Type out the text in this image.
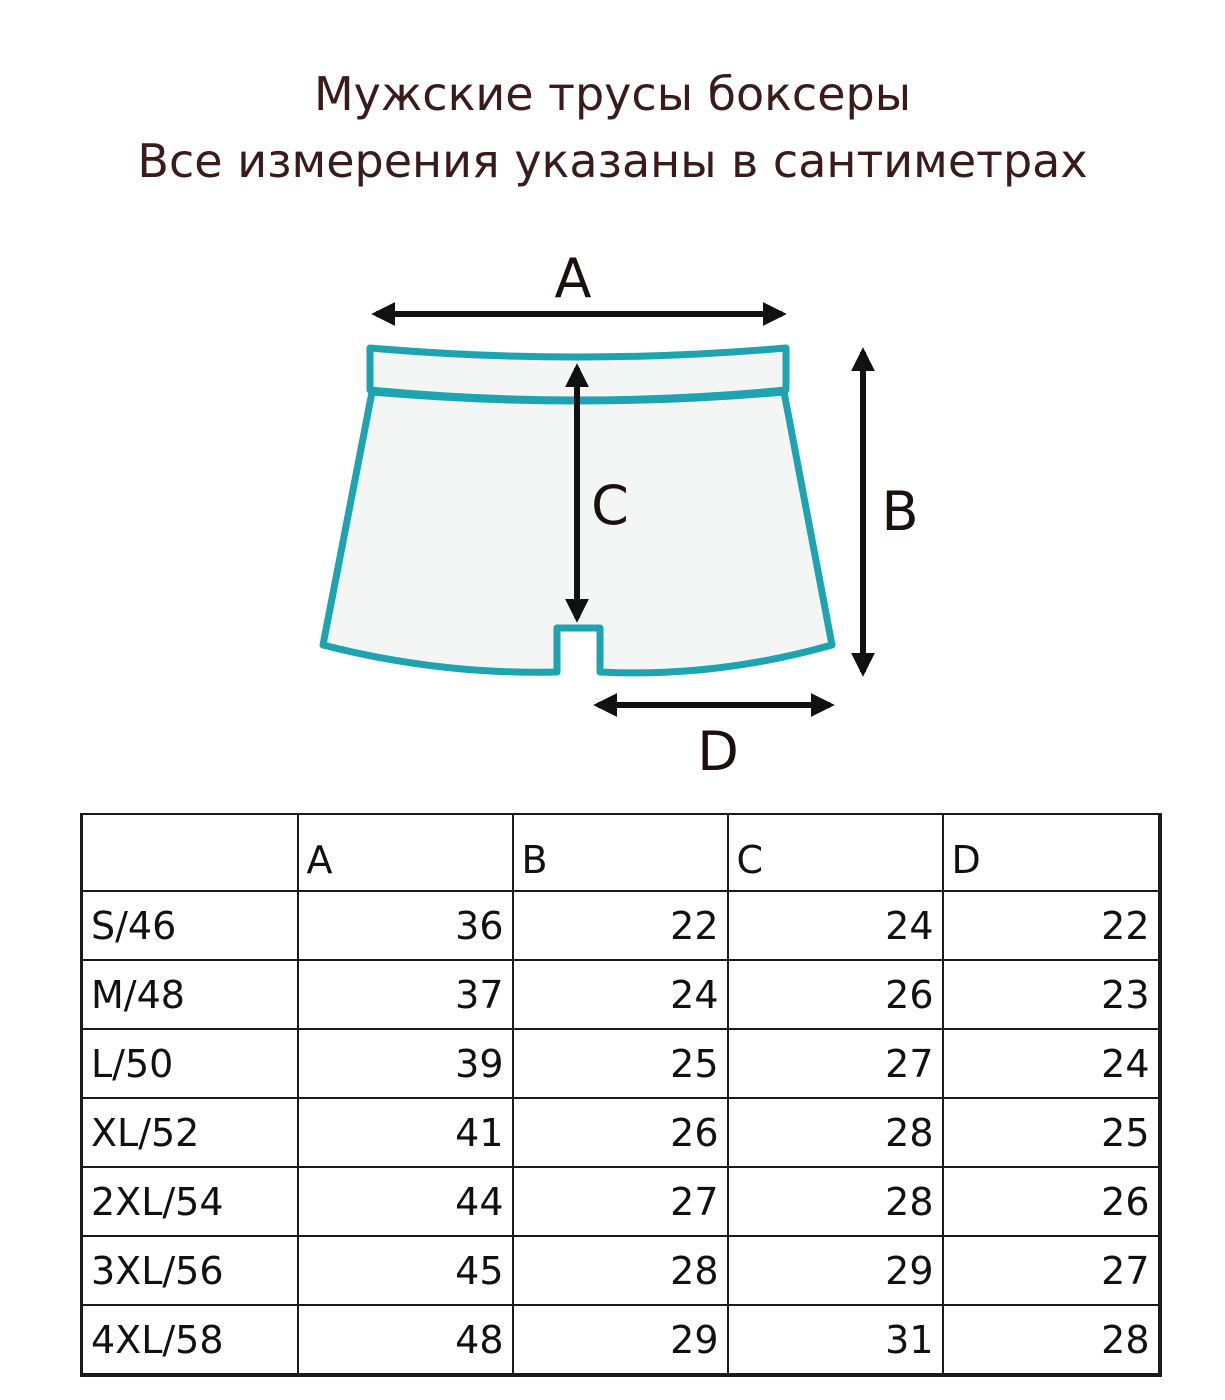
Мужские трусы боксеры
Все измерения указаны в сантиметрах
A
B
C
D
	A	B	C	D
S/46	36	22	24	22
M/48	37	24	26	23
L/50	39	25	27	24
XL/52	41	26	28	25
2XL/54	44	27	28	26
3XL/56	45	28	29	27
4XL/58	48	29	31	28
